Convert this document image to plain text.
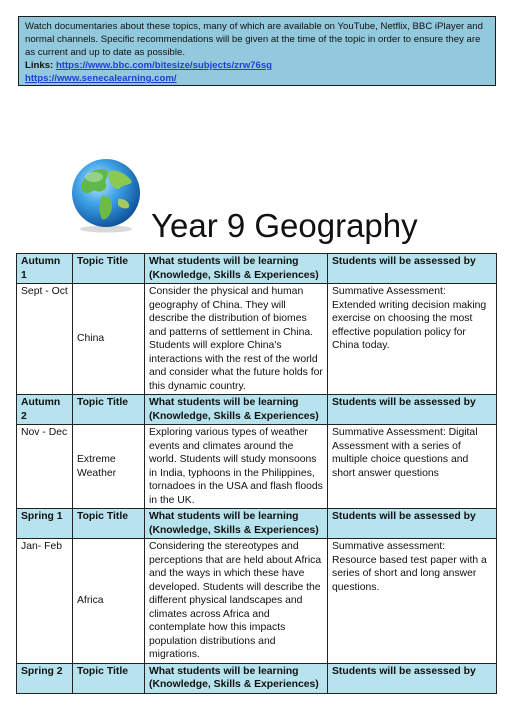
Watch documentaries about these topics, many of which are available on YouTube, Netflix, BBC iPlayer and normal channels. Specific recommendations will be given at the time of the topic in order to ensure they are as current and up to date as possible.

Links: https://www.bbc.com/bitesize/subjects/zrw76sg

https://www.senecalearning.com/

Year 9 Geography
Autumn 1	Topic Title	What students will be learning (Knowledge, Skills & Experiences)	Students will be assessed by
Sept - Oct	China	Consider the physical and human geography of China. They will describe the distribution of biomes and patterns of settlement in China. Students will explore China's interactions with the rest of the world and consider what the future holds for this dynamic country.	Summative Assessment: Extended writing decision making exercise on choosing the most effective population policy for China today.
Autumn 2	Topic Title	What students will be learning (Knowledge, Skills & Experiences)	Students will be assessed by
Nov - Dec	Extreme Weather	Exploring various types of weather events and climates around the world. Students will study monsoons in India, typhoons in the Philippines, tornadoes in the USA and flash floods in the UK.	Summative Assessment: Digital Assessment with a series of multiple choice questions and short answer questions
Spring 1	Topic Title	What students will be learning (Knowledge, Skills & Experiences)	Students will be assessed by
Jan- Feb	Africa	Considering the stereotypes and perceptions that are held about Africa and the ways in which these have developed. Students will describe the different physical landscapes and climates across Africa and contemplate how this impacts population distributions and migrations.	Summative assessment: Resource based test paper with a series of short and long answer questions.
Spring 2	Topic Title	What students will be learning (Knowledge, Skills & Experiences)	Students will be assessed by
